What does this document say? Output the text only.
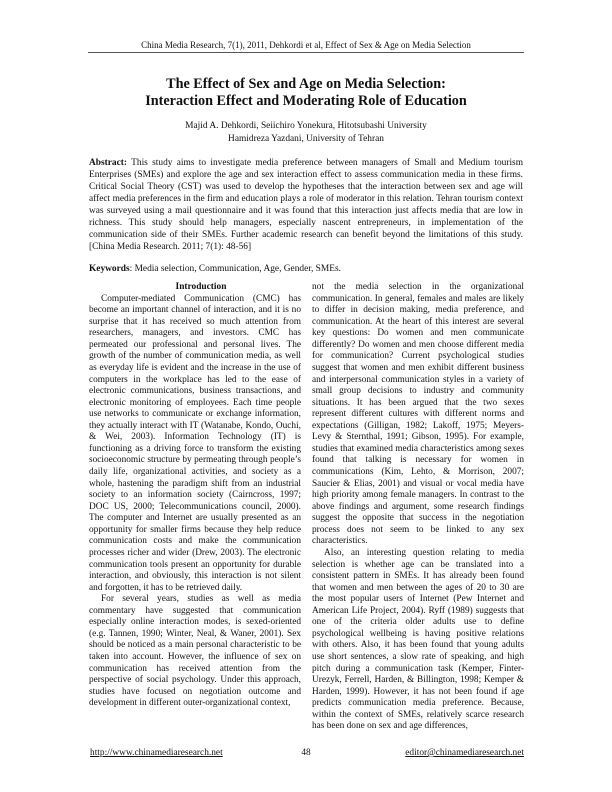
China Media Research, 7(1), 2011, Dehkordi et al, Effect of Sex & Age on Media Selection
The Effect of Sex and Age on Media Selection:
Interaction Effect and Moderating Role of Education
Majid A. Dehkordi, Seiichiro Yonekura, Hitotsubashi University
Hamidreza Yazdani, University of Tehran
Abstract: This study aims to investigate media preference between managers of Small and Medium tourism Enterprises (SMEs) and explore the age and sex interaction effect to assess communication media in these firms. Critical Social Theory (CST) was used to develop the hypotheses that the interaction between sex and age will affect media preferences in the firm and education plays a role of moderator in this relation. Tehran tourism context was surveyed using a mail questionnaire and it was found that this interaction just affects media that are low in richness. This study should help managers, especially nascent entrepreneurs, in implementation of the communication side of their SMEs. Further academic research can benefit beyond the limitations of this study. [China Media Research. 2011; 7(1): 48-56]
Keywords: Media selection, Communication, Age, Gender, SMEs.

Introduction

Computer-mediated Communication (CMC) has become an important channel of interaction, and it is no surprise that it has received so much attention from researchers, managers, and investors. CMC has permeated our professional and personal lives. The growth of the number of communication media, as well as everyday life is evident and the increase in the use of computers in the workplace has led to the ease of electronic communications, business transactions, and electronic monitoring of employees. Each time people use networks to communicate or exchange information, they actually interact with IT (Watanabe, Kondo, Ouchi, & Wei, 2003). Information Technology (IT) is functioning as a driving force to transform the existing socioeconomic structure by permeating through people’s daily life, organizational activities, and society as a whole, hastening the paradigm shift from an industrial society to an information society (Cairncross, 1997; DOC US, 2000; Telecommunications council, 2000). The computer and Internet are usually presented as an opportunity for smaller firms because they help reduce communication costs and make the communication processes richer and wider (Drew, 2003). The electronic communication tools present an opportunity for durable interaction, and obviously, this interaction is not silent and forgotten, it has to be retrieved daily.

For several years, studies as well as media commentary have suggested that communication especially online interaction modes, is sexed-oriented (e.g. Tannen, 1990; Winter, Neal, & Waner, 2001). Sex should be noticed as a main personal characteristic to be taken into account. However, the influence of sex on communication has received attention from the perspective of social psychology. Under this approach, studies have focused on negotiation outcome and development in different outer-organizational context,

not the media selection in the organizational communication. In general, females and males are likely to differ in decision making, media preference, and communication. At the heart of this interest are several key questions: Do women and men communicate differently? Do women and men choose different media for communication? Current psychological studies suggest that women and men exhibit different business and interpersonal communication styles in a variety of small group decisions to industry and community situations. It has been argued that the two sexes represent different cultures with different norms and expectations (Gilligan, 1982; Lakoff, 1975; Meyers-Levy & Sternthal, 1991; Gibson, 1995). For example, studies that examined media characteristics among sexes found that talking is necessary for women in communications (Kim, Lehto, & Morrison, 2007; Saucier & Elias, 2001) and visual or vocal media have high priority among female managers. In contrast to the above findings and argument, some research findings suggest the opposite that success in the negotiation process does not seem to be linked to any sex characteristics.

Also, an interesting question relating to media selection is whether age can be translated into a consistent pattern in SMEs. It has already been found that women and men between the ages of 20 to 30 are the most popular users of Internet (Pew Internet and American Life Project, 2004). Ryff (1989) suggests that one of the criteria older adults use to define psychological wellbeing is having positive relations with others. Also, it has been found that young adults use short sentences, a slow rate of speaking, and high pitch during a communication task (Kemper, Finter-Urezyk, Ferrell, Harden, & Billington, 1998; Kemper & Harden, 1999). However, it has not been found if age predicts communication media preference. Because, within the context of SMEs, relatively scarce research has been done on sex and age differences,

http://www.chinamediaresearch.net	48	editor@chinamediaresearch.net
